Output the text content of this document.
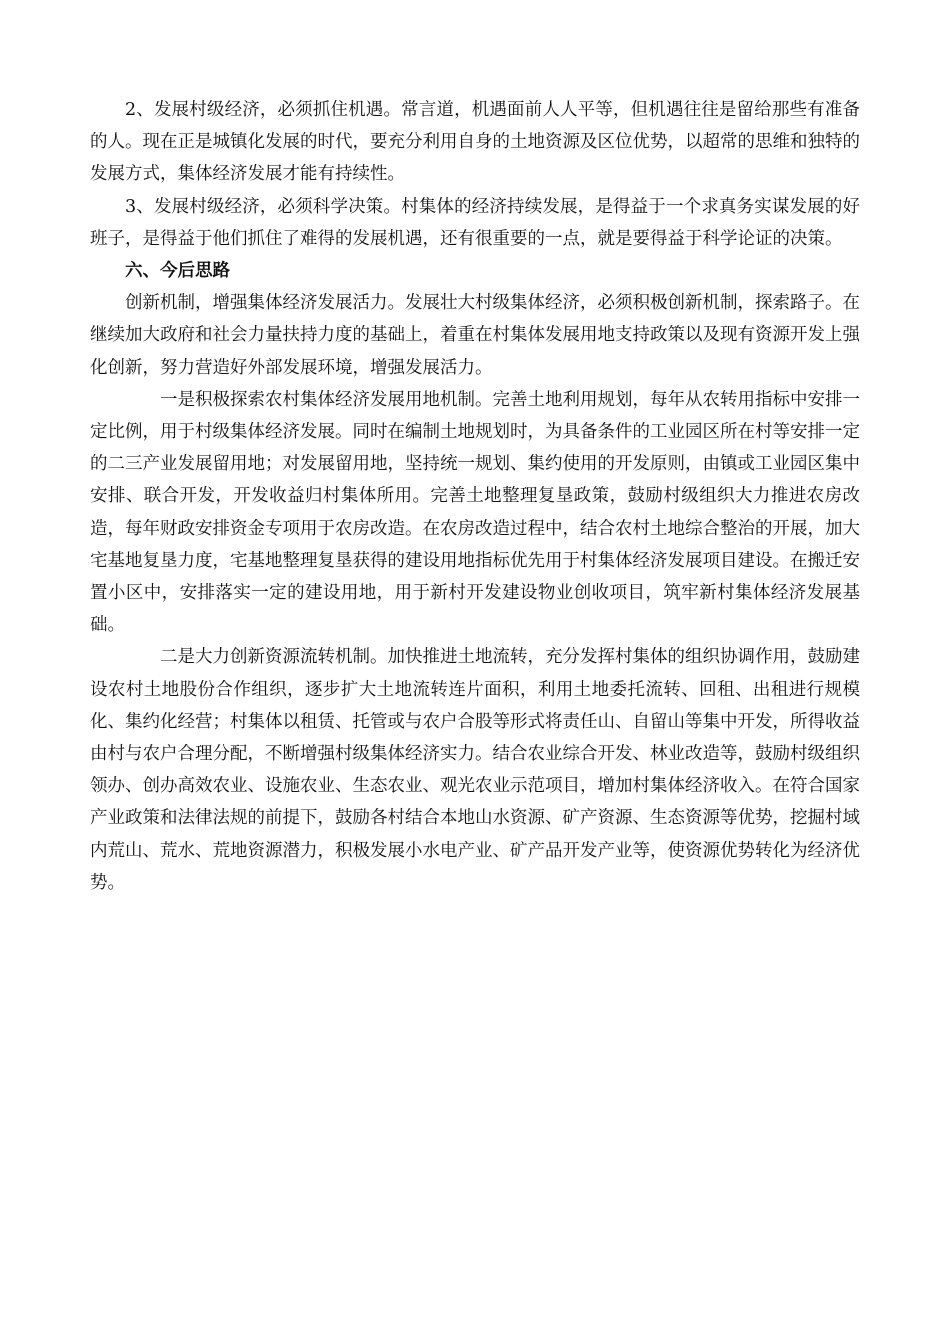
2、发展村级经济，必须抓住机遇。常言道，机遇面前人人平等，但机遇往往是留给那些有准备的人。现在正是城镇化发展的时代，要充分利用自身的土地资源及区位优势，以超常的思维和独特的发展方式，集体经济发展才能有持续性。

3、发展村级经济，必须科学决策。村集体的经济持续发展，是得益于一个求真务实谋发展的好班子，是得益于他们抓住了难得的发展机遇，还有很重要的一点，就是要得益于科学论证的决策。

六、今后思路

创新机制，增强集体经济发展活力。发展壮大村级集体经济，必须积极创新机制，探索路子。在继续加大政府和社会力量扶持力度的基础上，着重在村集体发展用地支持政策以及现有资源开发上强化创新，努力营造好外部发展环境，增强发展活力。

一是积极探索农村集体经济发展用地机制。完善土地利用规划，每年从农转用指标中安排一定比例，用于村级集体经济发展。同时在编制土地规划时，为具备条件的工业园区所在村等安排一定的二三产业发展留用地；对发展留用地，坚持统一规划、集约使用的开发原则，由镇或工业园区集中安排、联合开发，开发收益归村集体所用。完善土地整理复垦政策，鼓励村级组织大力推进农房改造，每年财政安排资金专项用于农房改造。在农房改造过程中，结合农村土地综合整治的开展，加大宅基地复垦力度，宅基地整理复垦获得的建设用地指标优先用于村集体经济发展项目建设。在搬迁安置小区中，安排落实一定的建设用地，用于新村开发建设物业创收项目，筑牢新村集体经济发展基础。

二是大力创新资源流转机制。加快推进土地流转，充分发挥村集体的组织协调作用，鼓励建设农村土地股份合作组织，逐步扩大土地流转连片面积，利用土地委托流转、回租、出租进行规模化、集约化经营；村集体以租赁、托管或与农户合股等形式将责任山、自留山等集中开发，所得收益由村与农户合理分配，不断增强村级集体经济实力。结合农业综合开发、林业改造等，鼓励村级组织领办、创办高效农业、设施农业、生态农业、观光农业示范项目，增加村集体经济收入。在符合国家产业政策和法律法规的前提下，鼓励各村结合本地山水资源、矿产资源、生态资源等优势，挖掘村域内荒山、荒水、荒地资源潜力，积极发展小水电产业、矿产品开发产业等，使资源优势转化为经济优势。
